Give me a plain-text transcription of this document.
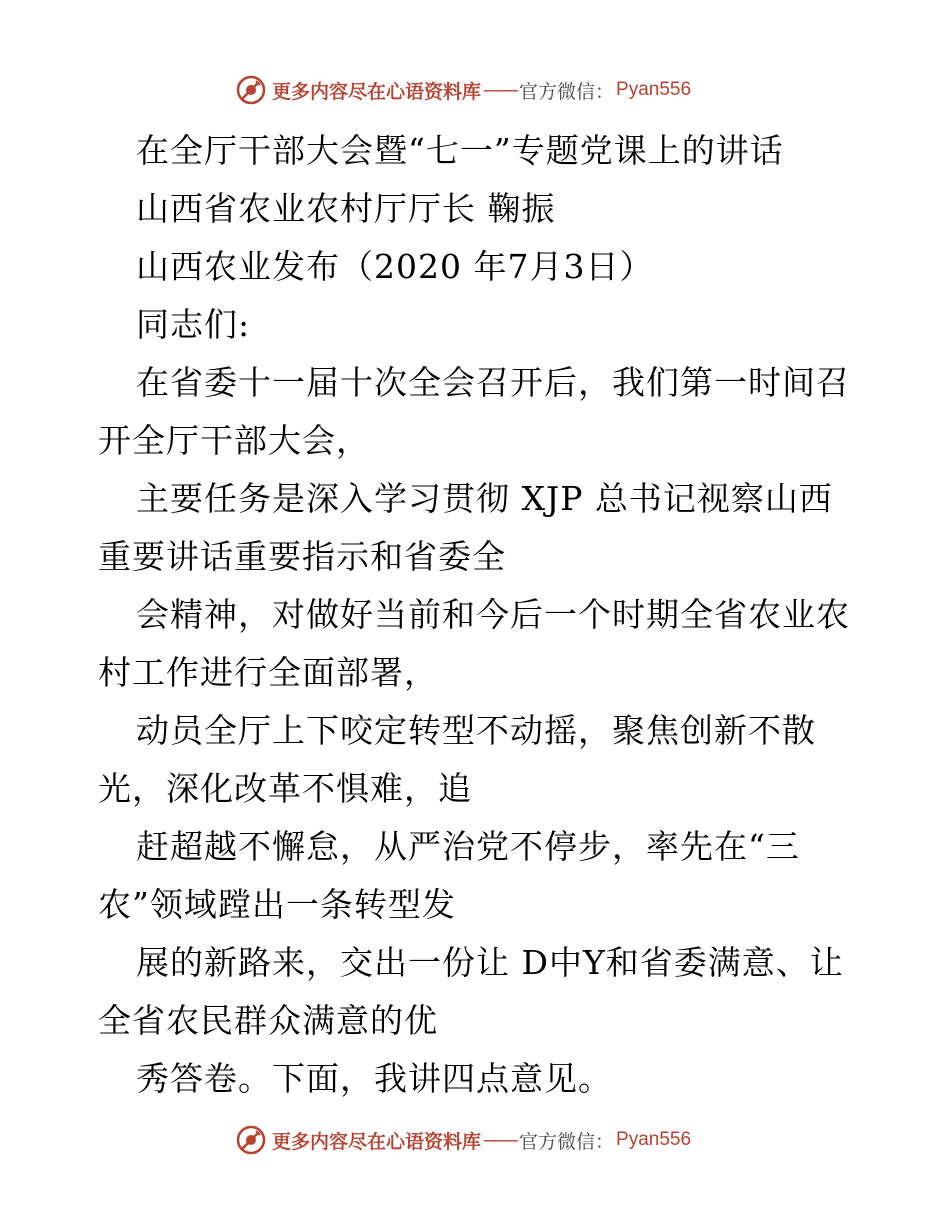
更多内容尽在心语资料库 —— 官方微信： Pyan556
在全厅干部大会暨“七一”专题党课上的讲话
山西省农业农村厅厅长 鞠振
山西农业发布（2020 年7月3日）
同志们:
在省委十一届十次全会召开后，我们第一时间召
开全厅干部大会，
主要任务是深入学习贯彻 XJP 总书记视察山西
重要讲话重要指示和省委全
会精神，对做好当前和今后一个时期全省农业农
村工作进行全面部署，
动员全厅上下咬定转型不动摇，聚焦创新不散
光，深化改革不惧难，追
赶超越不懈怠，从严治党不停步，率先在“三
农”领域蹚出一条转型发
展的新路来，交出一份让 D中Y和省委满意、让
全省农民群众满意的优
秀答卷。下面，我讲四点意见。
更多内容尽在心语资料库 —— 官方微信： Pyan556
